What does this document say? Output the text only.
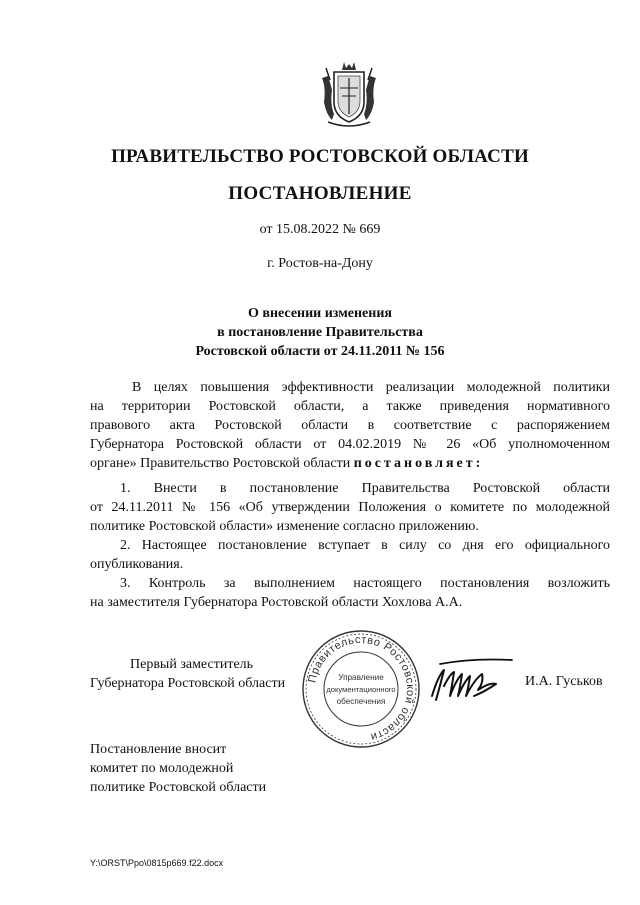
ПРАВИТЕЛЬСТВО РОСТОВСКОЙ ОБЛАСТИ
ПОСТАНОВЛЕНИЕ
от 15.08.2022 № 669
г. Ростов-на-Дону
О внесении изменения
в постановление Правительства
Ростовской области от 24.11.2011 № 156
В целях повышения эффективности реализации молодежной политики
на территории Ростовской области, а также приведения нормативного
правового акта Ростовской области в соответствие с распоряжением
Губернатора Ростовской области от 04.02.2019 № 26 «Об уполномоченном
органе» Правительство Ростовской области постановляет:
1. Внести в постановление Правительства Ростовской области
от 24.11.2011 № 156 «Об утверждении Положения о комитете по молодежной
политике Ростовской области» изменение согласно приложению.
2. Настоящее постановление вступает в силу со дня его официального
опубликования.
3. Контроль за выполнением настоящего постановления возложить
на заместителя Губернатора Ростовской области Хохлова А.А.
Первый заместитель
Губернатора Ростовской области Правительство Ростовской области
Управление
документационного
обеспечения
И.А. Гуськов
Постановление вносит
комитет по молодежной
политике Ростовской области
Y:\ORST\Ppo\0815p669.f22.docx
